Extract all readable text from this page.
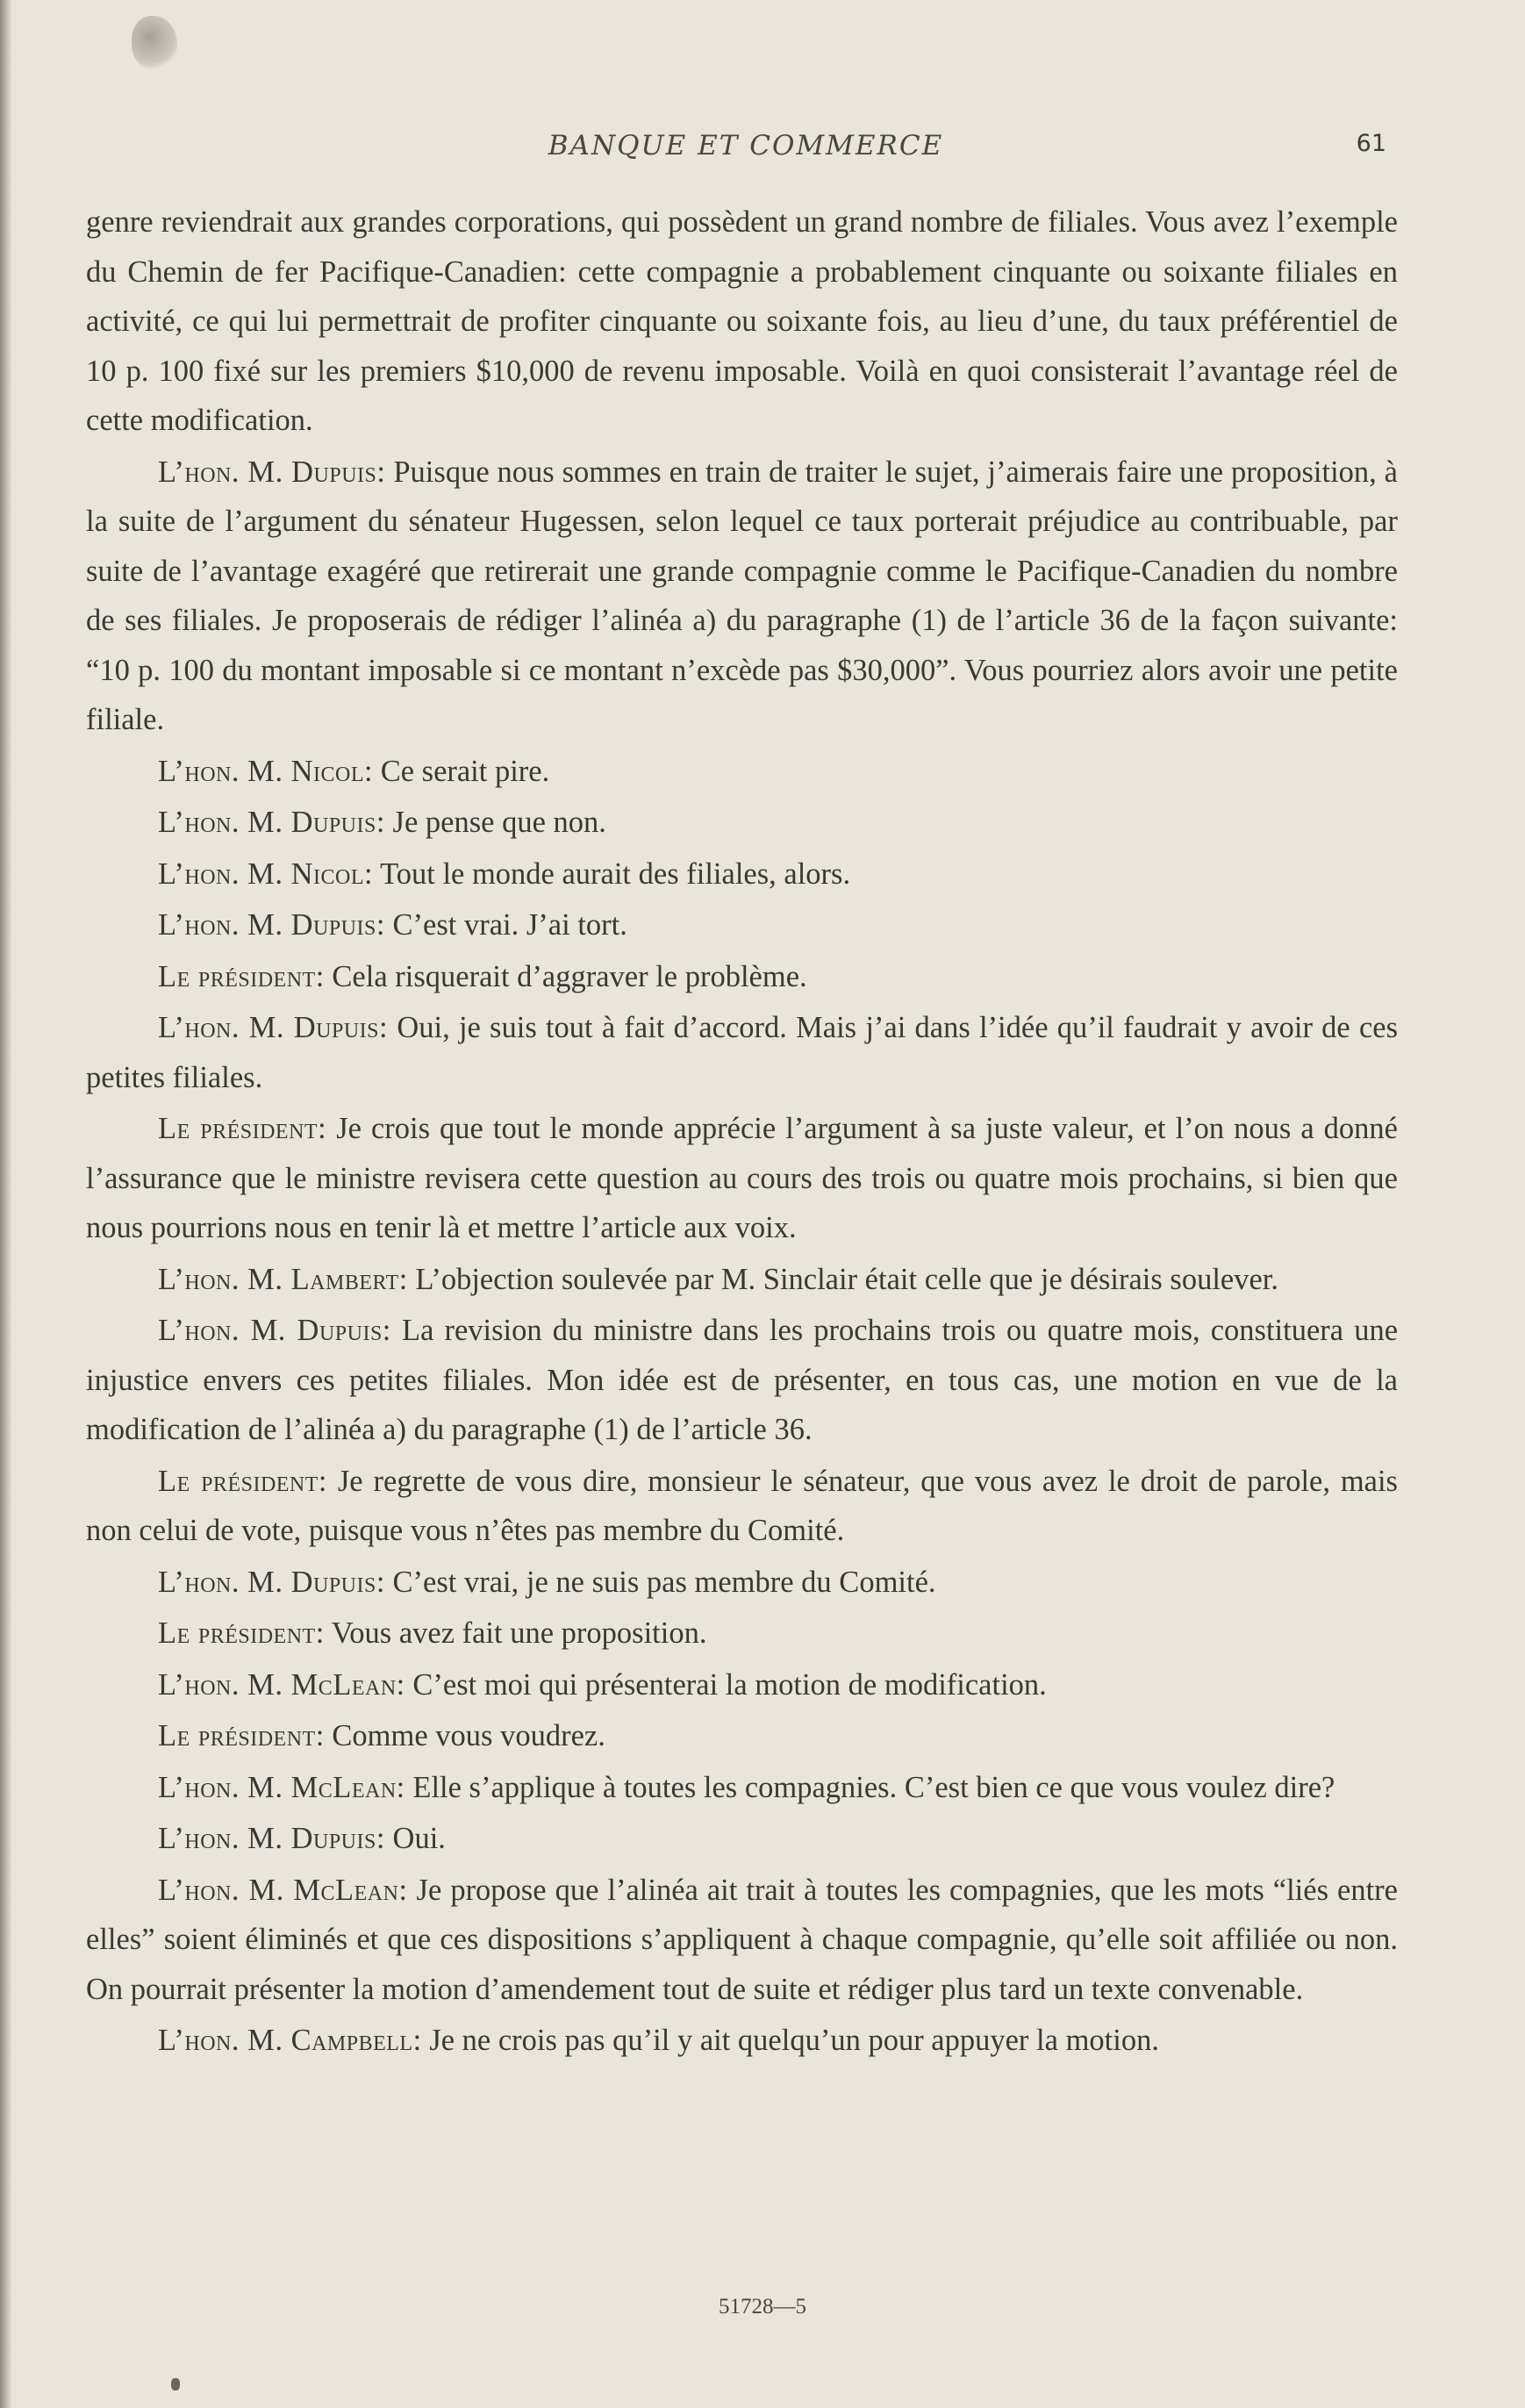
BANQUE ET COMMERCE	61

genre reviendrait aux grandes corporations, qui possèdent un grand nombre de filiales. Vous avez l’exemple du Chemin de fer Pacifique-Canadien: cette compagnie a probablement cinquante ou soixante filiales en activité, ce qui lui permettrait de profiter cinquante ou soixante fois, au lieu d’une, du taux préférentiel de 10 p. 100 fixé sur les premiers $10,000 de revenu imposable. Voilà en quoi consisterait l’avantage réel de cette modification.

L’hon. M. Dupuis: Puisque nous sommes en train de traiter le sujet, j’aimerais faire une proposition, à la suite de l’argument du sénateur Hugessen, selon lequel ce taux porterait préjudice au contribuable, par suite de l’avantage exagéré que retirerait une grande compagnie comme le Pacifique-Canadien du nombre de ses filiales. Je proposerais de rédiger l’alinéa a) du paragraphe (1) de l’article 36 de la façon suivante: “10 p. 100 du montant imposable si ce montant n’excède pas $30,000”. Vous pourriez alors avoir une petite filiale.

L’hon. M. Nicol: Ce serait pire.

L’hon. M. Dupuis: Je pense que non.

L’hon. M. Nicol: Tout le monde aurait des filiales, alors.

L’hon. M. Dupuis: C’est vrai. J’ai tort.

Le président: Cela risquerait d’aggraver le problème.

L’hon. M. Dupuis: Oui, je suis tout à fait d’accord. Mais j’ai dans l’idée qu’il faudrait y avoir de ces petites filiales.

Le président: Je crois que tout le monde apprécie l’argument à sa juste valeur, et l’on nous a donné l’assurance que le ministre revisera cette question au cours des trois ou quatre mois prochains, si bien que nous pourrions nous en tenir là et mettre l’article aux voix.

L’hon. M. Lambert: L’objection soulevée par M. Sinclair était celle que je désirais soulever.

L’hon. M. Dupuis: La revision du ministre dans les prochains trois ou quatre mois, constituera une injustice envers ces petites filiales. Mon idée est de présenter, en tous cas, une motion en vue de la modification de l’alinéa a) du paragraphe (1) de l’article 36.

Le président: Je regrette de vous dire, monsieur le sénateur, que vous avez le droit de parole, mais non celui de vote, puisque vous n’êtes pas membre du Comité.

L’hon. M. Dupuis: C’est vrai, je ne suis pas membre du Comité.

Le président: Vous avez fait une proposition.

L’hon. M. McLean: C’est moi qui présenterai la motion de modification.

Le président: Comme vous voudrez.

L’hon. M. McLean: Elle s’applique à toutes les compagnies. C’est bien ce que vous voulez dire?

L’hon. M. Dupuis: Oui.

L’hon. M. McLean: Je propose que l’alinéa ait trait à toutes les compagnies, que les mots “liés entre elles” soient éliminés et que ces dispositions s’appliquent à chaque compagnie, qu’elle soit affiliée ou non. On pourrait présenter la motion d’amendement tout de suite et rédiger plus tard un texte convenable.

L’hon. M. Campbell: Je ne crois pas qu’il y ait quelqu’un pour appuyer la motion.

51728—5
